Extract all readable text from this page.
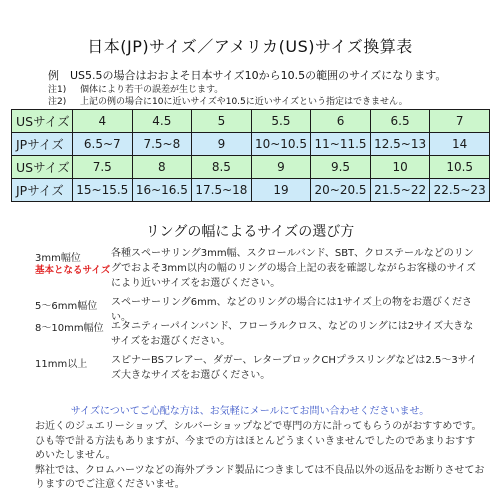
日本(JP)サイズ／アメリカ(US)サイズ換算表
例　US5.5の場合はおおよそ日本サイズ10から10.5の範囲のサイズになります。
注1) 個体により若干の誤差が生じます。
注2) 上記の例の場合に10に近いサイズや10.5に近いサイズという指定はできません。
USサイズ	4	4.5	5	5.5	6	6.5	7
JPサイズ	6.5~7	7.5~8	9	10~10.5	11~11.5	12.5~13	14
USサイズ	7.5	8	8.5	9	9.5	10	10.5
JPサイズ	15~15.5	16~16.5	17.5~18	19	20~20.5	21.5~22	22.5~23
リングの幅によるサイズの選び方
3mm幅位
基本となるサイズ
各種スペーサリング3mm幅、スクロールバンド、SBT、クロステールなどのリングでおよそ3mm以内の幅のリングの場合上記の表を確認しながらお客様のサイズにより近いサイズをお選びください。
5～6mm幅位 スペーサーリング6mm、などのリングの場合には1サイズ上の物をお選びください。
8～10mm幅位 エタニティーパインバンド、フローラルクロス、などのリングには2サイズ大きなサイズをお選びください。
11mm以上 スピナーBSフレアー、ダガー、レターブロックCHプラスリングなどは2.5～3サイズ大きなサイズをお選びください。
サイズについてご心配な方は、お気軽にメールにてお問い合わせくださいませ。

お近くのジュエリーショップ、シルバーショップなどで専門の方に計ってもらうのがおすすめです。ひも等で計る方法もありますが、今までの方はほとんどうまくいきませんでしたのであまりおすすめいたしません。

弊社では、クロムハーツなどの海外ブランド製品につきましては不良品以外の返品をお断りさせておりますのでご注意くださいませ。
